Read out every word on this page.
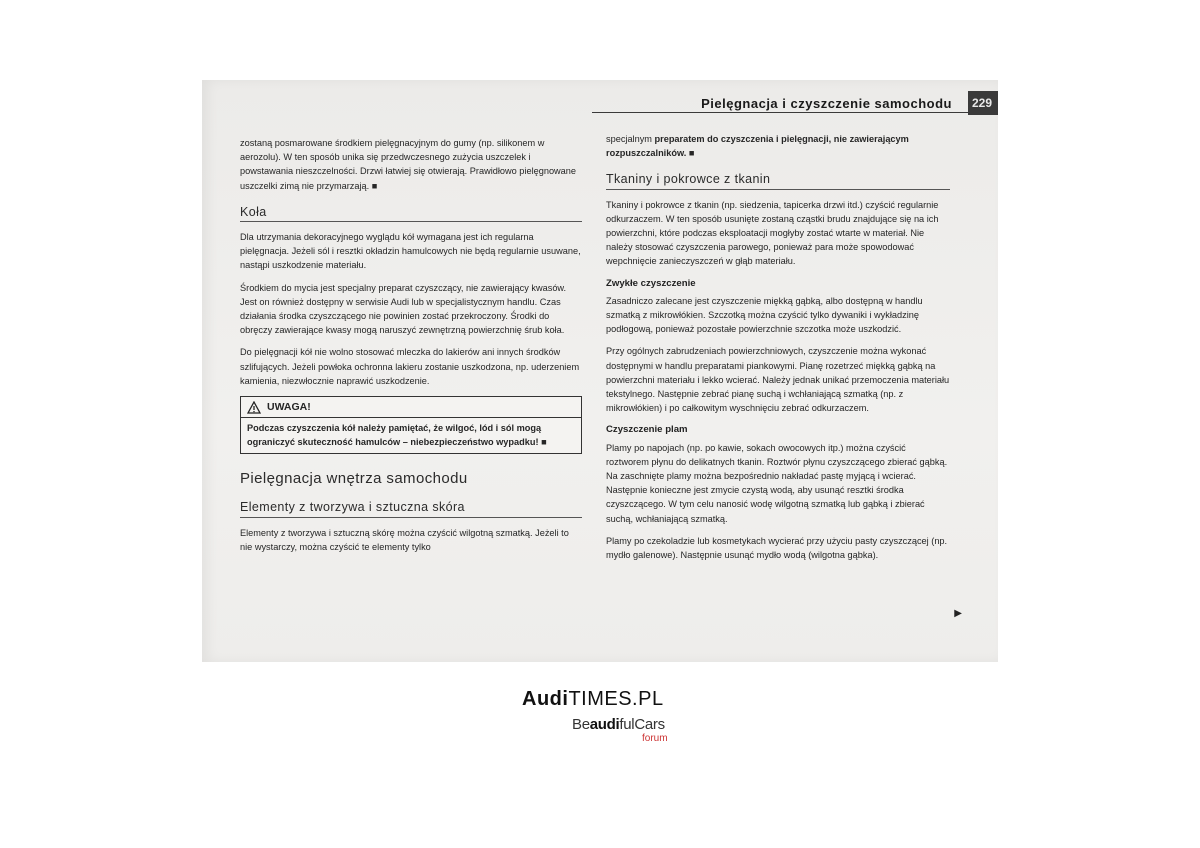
Pielęgnacja i czyszczenie samochodu	229

zostaną posmarowane środkiem pielęgnacyjnym do gumy (np. silikonem w aerozolu). W ten sposób unika się przedwczesnego zużycia uszczelek i powstawania nieszczelności. Drzwi łatwiej się otwierają. Prawidłowo pielęgnowane uszczelki zimą nie przymarzają. ■

Koła

Dla utrzymania dekoracyjnego wyglądu kół wymagana jest ich regularna pielęgnacja. Jeżeli sól i resztki okładzin hamulcowych nie będą regularnie usuwane, nastąpi uszkodzenie materiału.

Środkiem do mycia jest specjalny preparat czyszczący, nie zawierający kwasów. Jest on również dostępny w serwisie Audi lub w specjalistycznym handlu. Czas działania środka czyszczącego nie powinien zostać przekroczony. Środki do obręczy zawierające kwasy mogą naruszyć zewnętrzną powierzchnię śrub koła.

Do pielęgnacji kół nie wolno stosować mleczka do lakierów ani innych środków szlifujących. Jeżeli powłoka ochronna lakieru zostanie uszkodzona, np. uderzeniem kamienia, niezwłocznie naprawić uszkodzenie.

UWAGA!
Podczas czyszczenia kół należy pamiętać, że wilgoć, lód i sól mogą ograniczyć skuteczność hamulców – niebezpieczeństwo wypadku! ■
Pielęgnacja wnętrza samochodu
Elementy z tworzywa i sztuczna skóra

Elementy z tworzywa i sztuczną skórę można czyścić wilgotną szmatką. Jeżeli to nie wystarczy, można czyścić te elementy tylko

specjalnym preparatem do czyszczenia i pielęgnacji, nie zawierającym rozpuszczalników. ■

Tkaniny i pokrowce z tkanin

Tkaniny i pokrowce z tkanin (np. siedzenia, tapicerka drzwi itd.) czyścić regularnie odkurzaczem. W ten sposób usunięte zostaną cząstki brudu znajdujące się na ich powierzchni, które podczas eksploatacji mogłyby zostać wtarte w materiał. Nie należy stosować czyszczenia parowego, ponieważ para może spowodować wepchnięcie zanieczyszczeń w głąb materiału.

Zwykłe czyszczenie

Zasadniczo zalecane jest czyszczenie miękką gąbką, albo dostępną w handlu szmatką z mikrowłókien. Szczotką można czyścić tylko dywaniki i wykładzinę podłogową, ponieważ pozostałe powierzchnie szczotka może uszkodzić.

Przy ogólnych zabrudzeniach powierzchniowych, czyszczenie można wykonać dostępnymi w handlu preparatami piankowymi. Pianę rozetrzeć miękką gąbką na powierzchni materiału i lekko wcierać. Należy jednak unikać przemoczenia materiału tekstylnego. Następnie zebrać pianę suchą i wchłaniającą szmatką (np. z mikrowłókien) i po całkowitym wyschnięciu zebrać odkurzaczem.

Czyszczenie plam

Plamy po napojach (np. po kawie, sokach owocowych itp.) można czyścić roztworem płynu do delikatnych tkanin. Roztwór płynu czyszczącego zbierać gąbką. Na zaschnięte plamy można bezpośrednio nakładać pastę myjącą i wcierać. Następnie konieczne jest zmycie czystą wodą, aby usunąć resztki środka czyszczącego. W tym celu nanosić wodę wilgotną szmatką lub gąbką i zbierać suchą, wchłaniającą szmatką.

Plamy po czekoladzie lub kosmetykach wycierać przy użyciu pasty czyszczącej (np. mydło galenowe). Następnie usunąć mydło wodą (wilgotna gąbka).

▶
AudiTIMES.PL
BeaudifulCars
forum
